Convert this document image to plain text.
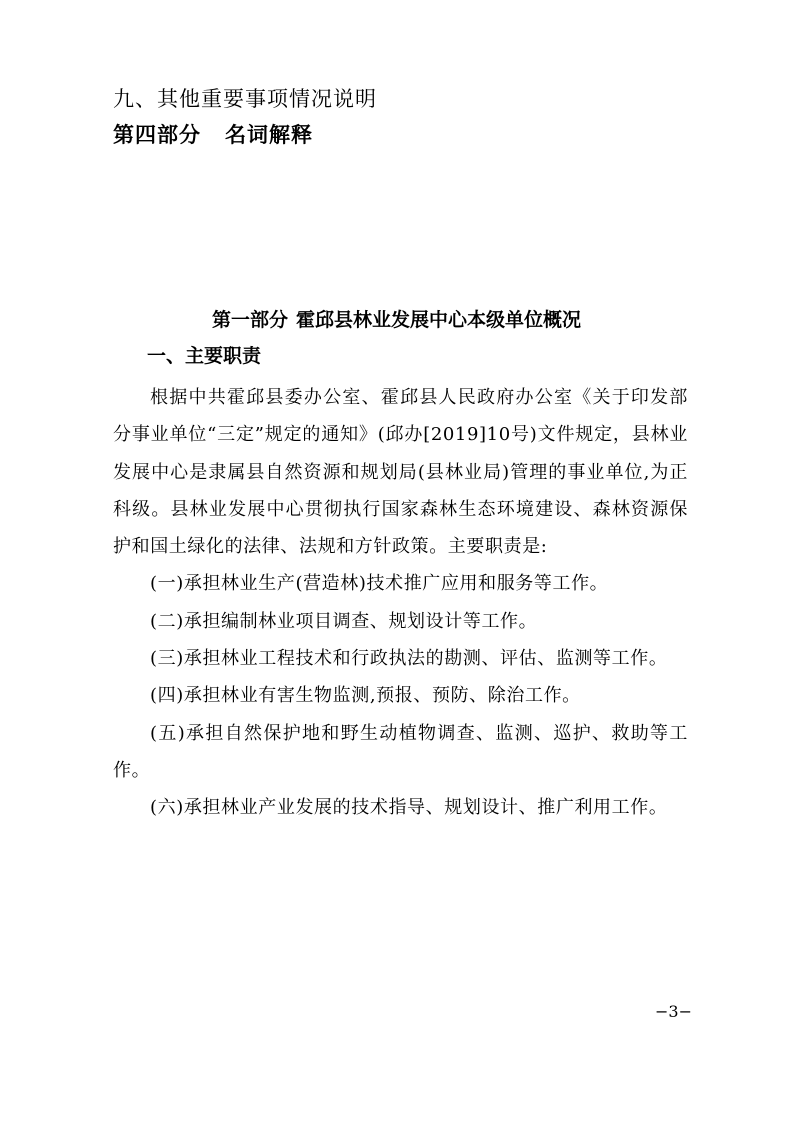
九、其他重要事项情况说明
第四部分 名词解释
第一部分 霍邱县林业发展中心本级单位概况
一、主要职责

根据中共霍邱县委办公室、霍邱县人民政府办公室《关于印发部分事业单位“三定”规定的通知》(邱办[2019]10号)文件规定，县林业发展中心是隶属县自然资源和规划局(县林业局)管理的事业单位,为正科级。县林业发展中心贯彻执行国家森林生态环境建设、森林资源保护和国土绿化的法律、法规和方针政策。主要职责是:

(一)承担林业生产(营造林)技术推广应用和服务等工作。

(二)承担编制林业项目调查、规划设计等工作。

(三)承担林业工程技术和行政执法的勘测、评估、监测等工作。

(四)承担林业有害生物监测,预报、预防、除治工作。

(五)承担自然保护地和野生动植物调查、监测、巡护、救助等工作。

(六)承担林业产业发展的技术指导、规划设计、推广利用工作。

−3−
